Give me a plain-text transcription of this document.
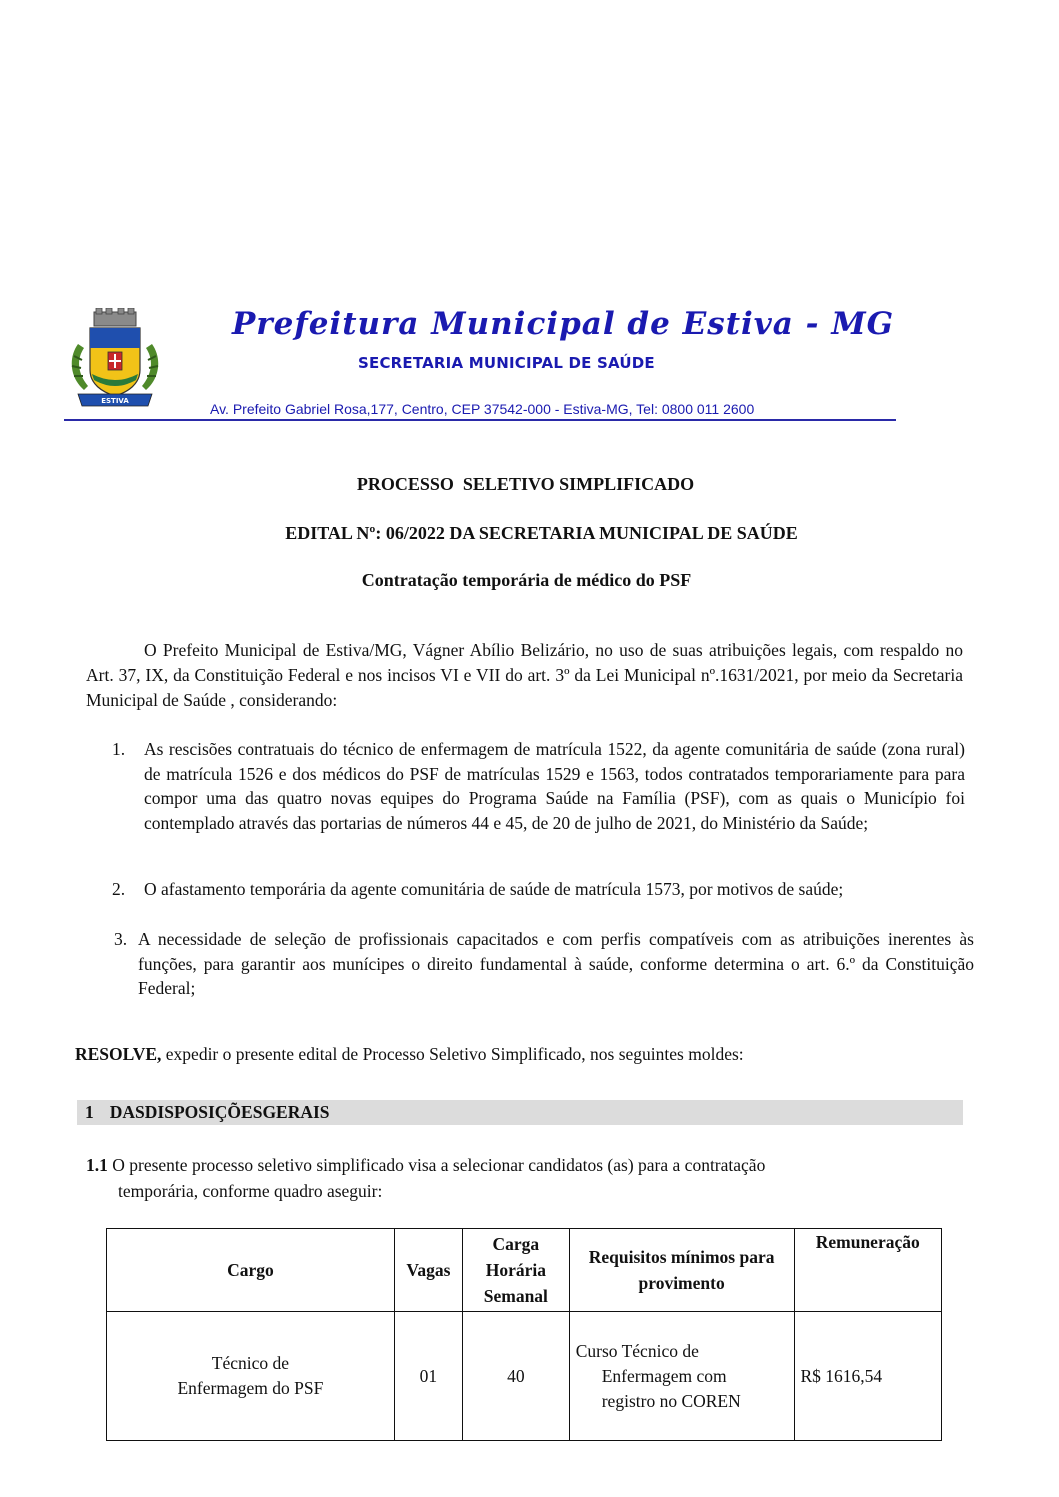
ESTIVA
Prefeitura Municipal de Estiva - MG
SECRETARIA MUNICIPAL DE SAÚDE
Av. Prefeito Gabriel Rosa,177, Centro, CEP 37542-000 - Estiva-MG, Tel: 0800 011 2600
PROCESSO  SELETIVO SIMPLIFICADO
EDITAL Nº: 06/2022 DA SECRETARIA MUNICIPAL DE SAÚDE
Contratação temporária de médico do PSF
O Prefeito Municipal de Estiva/MG, Vágner Abílio Belizário, no uso de suas atribuições legais, com respaldo no Art. 37, IX, da Constituição Federal e nos incisos VI e VII do art. 3º da Lei Municipal nº.1631/2021, por meio da Secretaria Municipal de Saúde , considerando:
1. As rescisões contratuais do técnico de enfermagem de matrícula 1522, da agente comunitária de saúde (zona rural) de matrícula 1526 e dos médicos do PSF de matrículas 1529 e 1563, todos contratados temporariamente para para compor uma das quatro novas equipes do Programa Saúde na Família (PSF), com as quais o Município foi contemplado através das portarias de números 44 e 45, de 20 de julho de 2021, do Ministério da Saúde;
2. O afastamento temporária da agente comunitária de saúde de matrícula 1573, por motivos de saúde;
3. A necessidade de seleção de profissionais capacitados e com perfis compatíveis com as atribuições inerentes às funções, para garantir aos munícipes o direito fundamental à saúde, conforme determina o art. 6.º da Constituição Federal;
RESOLVE, expedir o presente edital de Processo Seletivo Simplificado, nos seguintes moldes:
1 DASDISPOSIÇÕESGERAIS
1.1 O presente processo seletivo simplificado visa a selecionar candidatos (as) para a contratação
temporária, conforme quadro aseguir:
Cargo	Vagas	Carga Horária Semanal	Requisitos mínimos para provimento	Remuneração

Técnico de Enfermagem do PSF	01	40	Curso Técnico de Enfermagem com registro no COREN	R$ 1616,54
